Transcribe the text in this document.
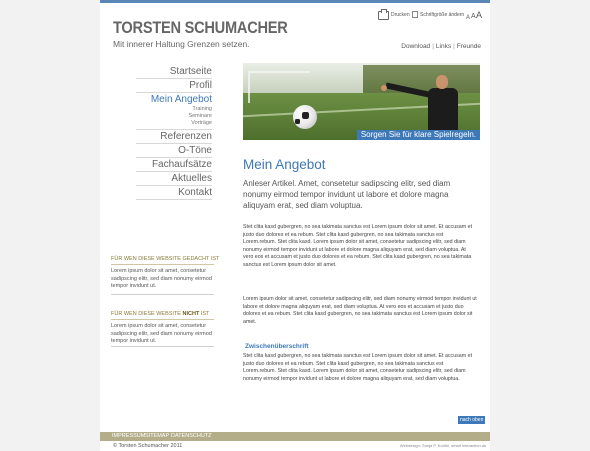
TORSTEN SCHUMACHER
Mit innerer Haltung Grenzen setzen.
Drucken Schriftgröße ändern A A A
Download | Links | Freunde
Startseite
Profil
Mein Angebot
Training
Seminare
Vorträge
Referenzen
O-Töne
Fachaufsätze
Aktuelles
Kontakt
FÜR WEN DIESE WEBSITE GEDACHT IST
Lorem ipsum dolor sit amet, consetetur sadipscing elitr, sed diam nonumy eirmod tempor invidunt ut.
FÜR WEN DIESE WEBSITE NICHT IST
Lorem ipsum dolor sit amet, consetetur sadipscing elitr, sed diam nonumy eirmod tempor invidunt ut.
Sorgen Sie für klare Spielregeln.
Mein Angebot

Anleser Artikel. Amet, consetetur sadipscing elitr, sed diam nonumy eirmod tempor invidunt ut labore et dolore magna aliquyam erat, sed diam voluptua.

Stet clita kasd gubergren, no sea takimata sanctus est Lorem ipsum dolor sit amet. Et accusam et justo duo dolores et ea rebum. Stet clita kasd gubergren, no sea takimata sanctus est Lorem.rebum. Stet clita kasd. Lorem ipsum dolor sit amet, consetetur sadipscing elitr, sed diam nonumy eirmod tempor invidunt ut labore et dolore magna aliquyam erat, sed diam voluptua. At vero eos et accusam et justo duo dolores et ea rebum. Stet clita kasd gubergren, no sea takimata sanctus est Lorem ipsum dolor sit amet.

Lorem ipsum dolor sit amet, consetetur sadipscing elitr, sed diam nonumy eirmod tempor invidunt ut labore et dolore magna aliquyam erat, sed diam voluptua. At vero eos et accusam et justo duo dolores et ea rebum. Stet clita kasd gubergren, no sea takimata sanctus est Lorem ipsum dolor sit amet.

Zwischenüberschrift

Stet clita kasd gubergren, no sea takimata sanctus est Lorem ipsum dolor sit amet. Et accusam et justo duo dolores et ea rebum. Stet clita kasd gubergren, no sea takimata sanctus est Lorem.rebum. Stet clita kasd. Lorem ipsum dolor sit amet, consetetur sadipscing elitr, sed diam nonumy eirmod tempor invidunt ut labore et dolore magna aliquyam erat, sed diam voluptua.

nach oben
IMPRESSUM SITEMAP DATENSCHUTZ
© Torsten Schumacher 2011	Webdesign: Sonja P. Kodlbi, smart interaction.ds
